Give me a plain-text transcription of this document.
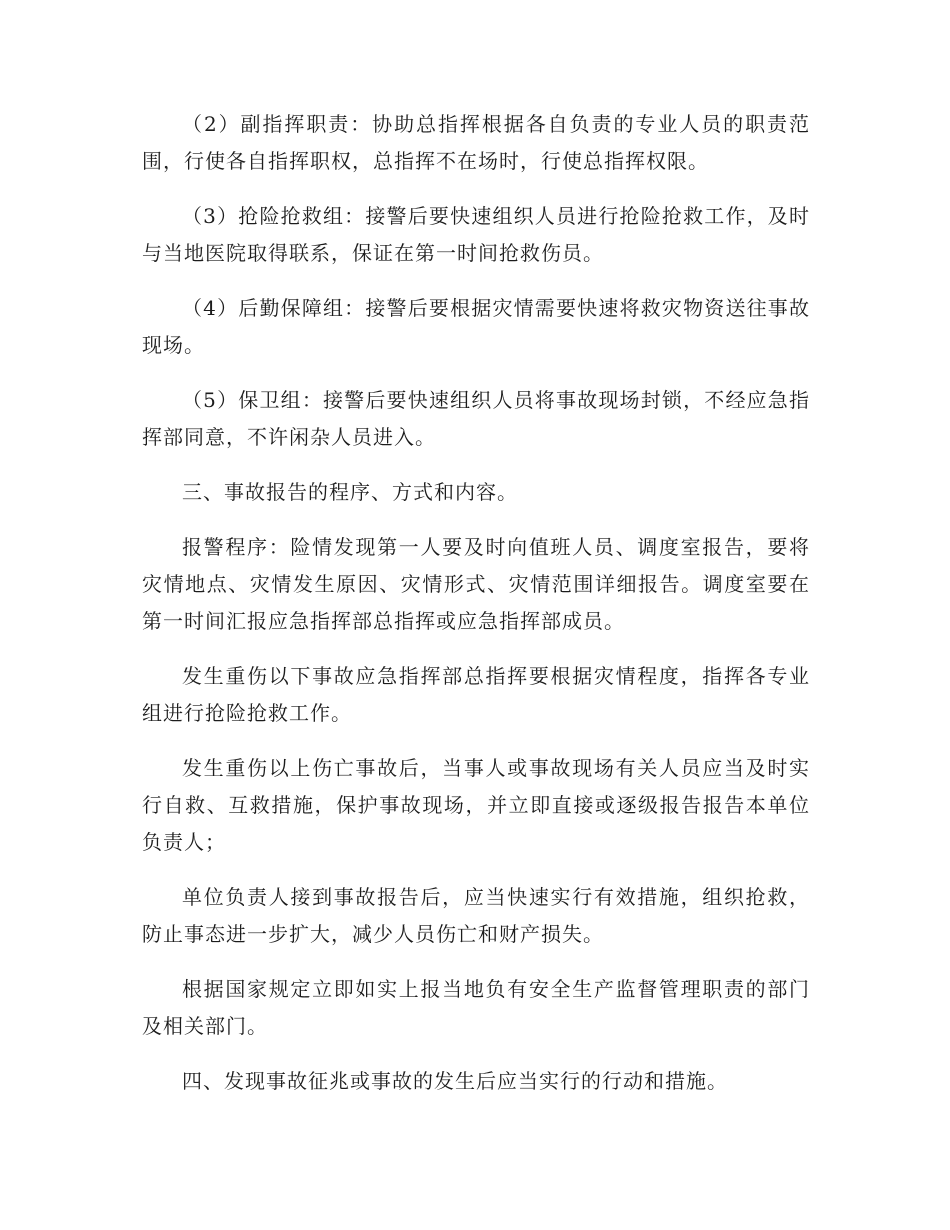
（2）副指挥职责：协助总指挥根据各自负责的专业人员的职责范围，行使各自指挥职权，总指挥不在场时，行使总指挥权限。

（3）抢险抢救组：接警后要快速组织人员进行抢险抢救工作，及时与当地医院取得联系，保证在第一时间抢救伤员。

（4）后勤保障组：接警后要根据灾情需要快速将救灾物资送往事故现场。

（5）保卫组：接警后要快速组织人员将事故现场封锁，不经应急指挥部同意，不许闲杂人员进入。

三、事故报告的程序、方式和内容。

报警程序：险情发现第一人要及时向值班人员、调度室报告，要将灾情地点、灾情发生原因、灾情形式、灾情范围详细报告。调度室要在第一时间汇报应急指挥部总指挥或应急指挥部成员。

发生重伤以下事故应急指挥部总指挥要根据灾情程度，指挥各专业组进行抢险抢救工作。

发生重伤以上伤亡事故后，当事人或事故现场有关人员应当及时实行自救、互救措施，保护事故现场，并立即直接或逐级报告报告本单位负责人；

单位负责人接到事故报告后，应当快速实行有效措施，组织抢救，防止事态进一步扩大，减少人员伤亡和财产损失。

根据国家规定立即如实上报当地负有安全生产监督管理职责的部门及相关部门。

四、发现事故征兆或事故的发生后应当实行的行动和措施。
